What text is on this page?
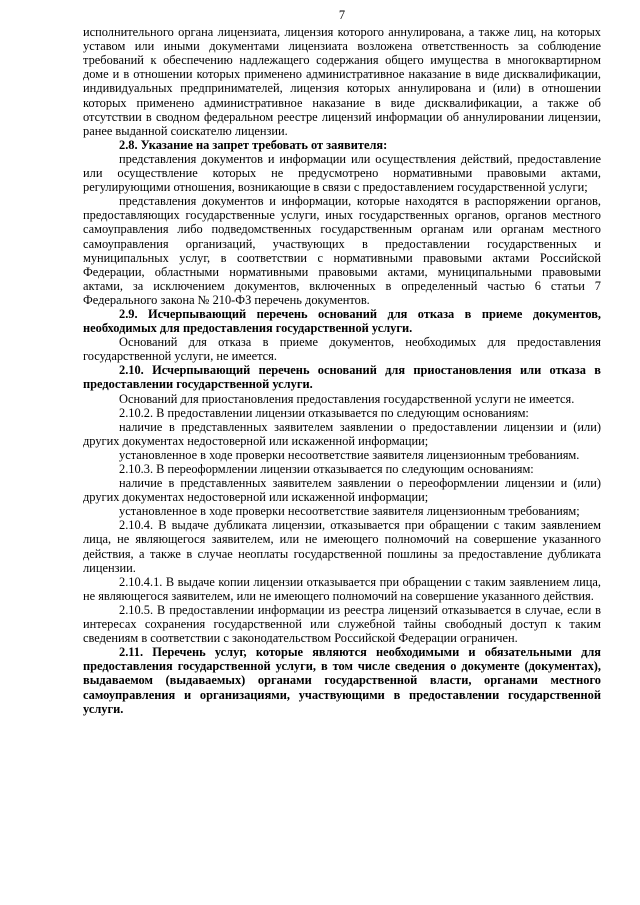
7

исполнительного органа лицензиата, лицензия которого аннулирована, а также лиц, на которых уставом или иными документами лицензиата возложена ответственность за соблюдение требований к обеспечению надлежащего содержания общего имущества в многоквартирном доме и в отношении которых применено административное наказание в виде дисквалификации, индивидуальных предпринимателей, лицензия которых аннулирована и (или) в отношении которых применено административное наказание в виде дисквалификации, а также об отсутствии в сводном федеральном реестре лицензий информации об аннулировании лицензии, ранее выданной соискателю лицензии.

2.8. Указание на запрет требовать от заявителя:

представления документов и информации или осуществления действий, предоставление или осуществление которых не предусмотрено нормативными правовыми актами, регулирующими отношения, возникающие в связи с предоставлением государственной услуги;

представления документов и информации, которые находятся в распоряжении органов, предоставляющих государственные услуги, иных государственных органов, органов местного самоуправления либо подведомственных государственным органам или органам местного самоуправления организаций, участвующих в предоставлении государственных и муниципальных услуг, в соответствии с нормативными правовыми актами Российской Федерации, областными нормативными правовыми актами, муниципальными правовыми актами, за исключением документов, включенных в определенный частью 6 статьи 7 Федерального закона № 210-ФЗ перечень документов.

2.9. Исчерпывающий перечень оснований для отказа в приеме документов, необходимых для предоставления государственной услуги.

Оснований для отказа в приеме документов, необходимых для предоставления государственной услуги, не имеется.

2.10. Исчерпывающий перечень оснований для приостановления или отказа в предоставлении государственной услуги.

Оснований для приостановления предоставления государственной услуги не имеется.

2.10.2. В предоставлении лицензии отказывается по следующим основаниям:

наличие в представленных заявителем заявлении о предоставлении лицензии и (или) других документах недостоверной или искаженной информации;

установленное в ходе проверки несоответствие заявителя лицензионным требованиям.

2.10.3. В переоформлении лицензии отказывается по следующим основаниям:

наличие в представленных заявителем заявлении о переоформлении лицензии и (или) других документах недостоверной или искаженной информации;

установленное в ходе проверки несоответствие заявителя лицензионным требованиям;

2.10.4. В выдаче дубликата лицензии, отказывается при обращении с таким заявлением лица, не являющегося заявителем, или не имеющего полномочий на совершение указанного действия, а также в случае неоплаты государственной пошлины за предоставление дубликата лицензии.

2.10.4.1. В выдаче копии лицензии отказывается при обращении с таким заявлением лица, не являющегося заявителем, или не имеющего полномочий на совершение указанного действия.

2.10.5. В предоставлении информации из реестра лицензий отказывается в случае, если в интересах сохранения государственной или служебной тайны свободный доступ к таким сведениям в соответствии с законодательством Российской Федерации ограничен.

2.11. Перечень услуг, которые являются необходимыми и обязательными для предоставления государственной услуги, в том числе сведения о документе (документах), выдаваемом (выдаваемых) органами государственной власти, органами местного самоуправления и организациями, участвующими в предоставлении государственной услуги.
